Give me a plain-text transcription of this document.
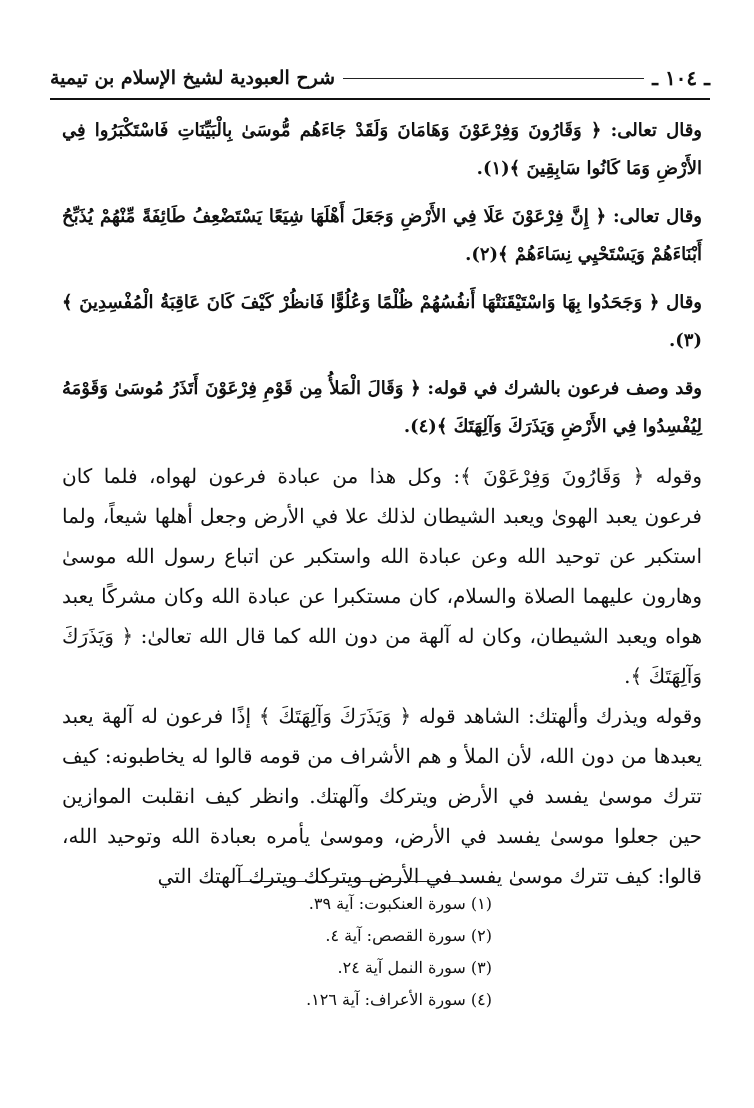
ـ ١٠٤ ـ
شرح العبودية لشيخ الإسلام بن تيمية

وقال تعالى: ﴿ وَقَارُونَ وَفِرْعَوْنَ وَهَامَانَ وَلَقَدْ جَاءَهُم مُّوسَىٰ بِالْبَيِّنَاتِ فَاسْتَكْبَرُوا فِي الأَرْضِ وَمَا كَانُوا سَابِقِينَ ﴾(١).

وقال تعالى: ﴿ إِنَّ فِرْعَوْنَ عَلَا فِي الأَرْضِ وَجَعَلَ أَهْلَهَا شِيَعًا يَسْتَضْعِفُ طَائِفَةً مِّنْهُمْ يُذَبِّحُ أَبْنَاءَهُمْ وَيَسْتَحْيِي نِسَاءَهُمْ ﴾(٢).

وقال ﴿ وَجَحَدُوا بِهَا وَاسْتَيْقَنَتْهَا أَنفُسُهُمْ ظُلْمًا وَعُلُوًّا فَانظُرْ كَيْفَ كَانَ عَاقِبَةُ الْمُفْسِدِينَ ﴾(٣).

وقد وصف فرعون بالشرك في قوله: ﴿ وَقَالَ الْمَلأُ مِن قَوْمِ فِرْعَوْنَ أَتَذَرُ مُوسَىٰ وَقَوْمَهُ لِيُفْسِدُوا فِي الأَرْضِ وَيَذَرَكَ وَآلِهَتَكَ ﴾(٤).

وقوله ﴿ وَقَارُونَ وَفِرْعَوْنَ ﴾: وكل هذا من عبادة فرعون لهواه، فلما كان فرعون يعبد الهوىٰ ويعبد الشيطان لذلك علا في الأرض وجعل أهلها شيعاً، ولما استكبر عن توحيد الله وعن عبادة الله واستكبر عن اتباع رسول الله موسىٰ وهارون عليهما الصلاة والسلام، كان مستكبرا عن عبادة الله وكان مشركًا يعبد هواه ويعبد الشيطان، وكان له آلهة من دون الله كما قال الله تعالىٰ: ﴿ وَيَذَرَكَ وَآلِهَتَكَ ﴾.

وقوله ويذرك وألهتك: الشاهد قوله ﴿ وَيَذَرَكَ وَآلِهَتَكَ ﴾ إذًا فرعون له آلهة يعبد يعبدها من دون الله، لأن الملأ و هم الأشراف من قومه قالوا له يخاطبونه: كيف تترك موسىٰ يفسد في الأرض ويتركك وآلهتك. وانظر كيف انقلبت الموازين حين جعلوا موسىٰ يفسد في الأرض، وموسىٰ يأمره بعبادة الله وتوحيد الله، قالوا: كيف تترك موسىٰ يفسد في الأرض ويتركك ويترك آلهتك التي

(١) سورة العنكبوت: آية ٣٩.

(٢) سورة القصص: آية ٤.

(٣) سورة النمل آية ٢٤.

(٤) سورة الأعراف: آية ١٢٦.
